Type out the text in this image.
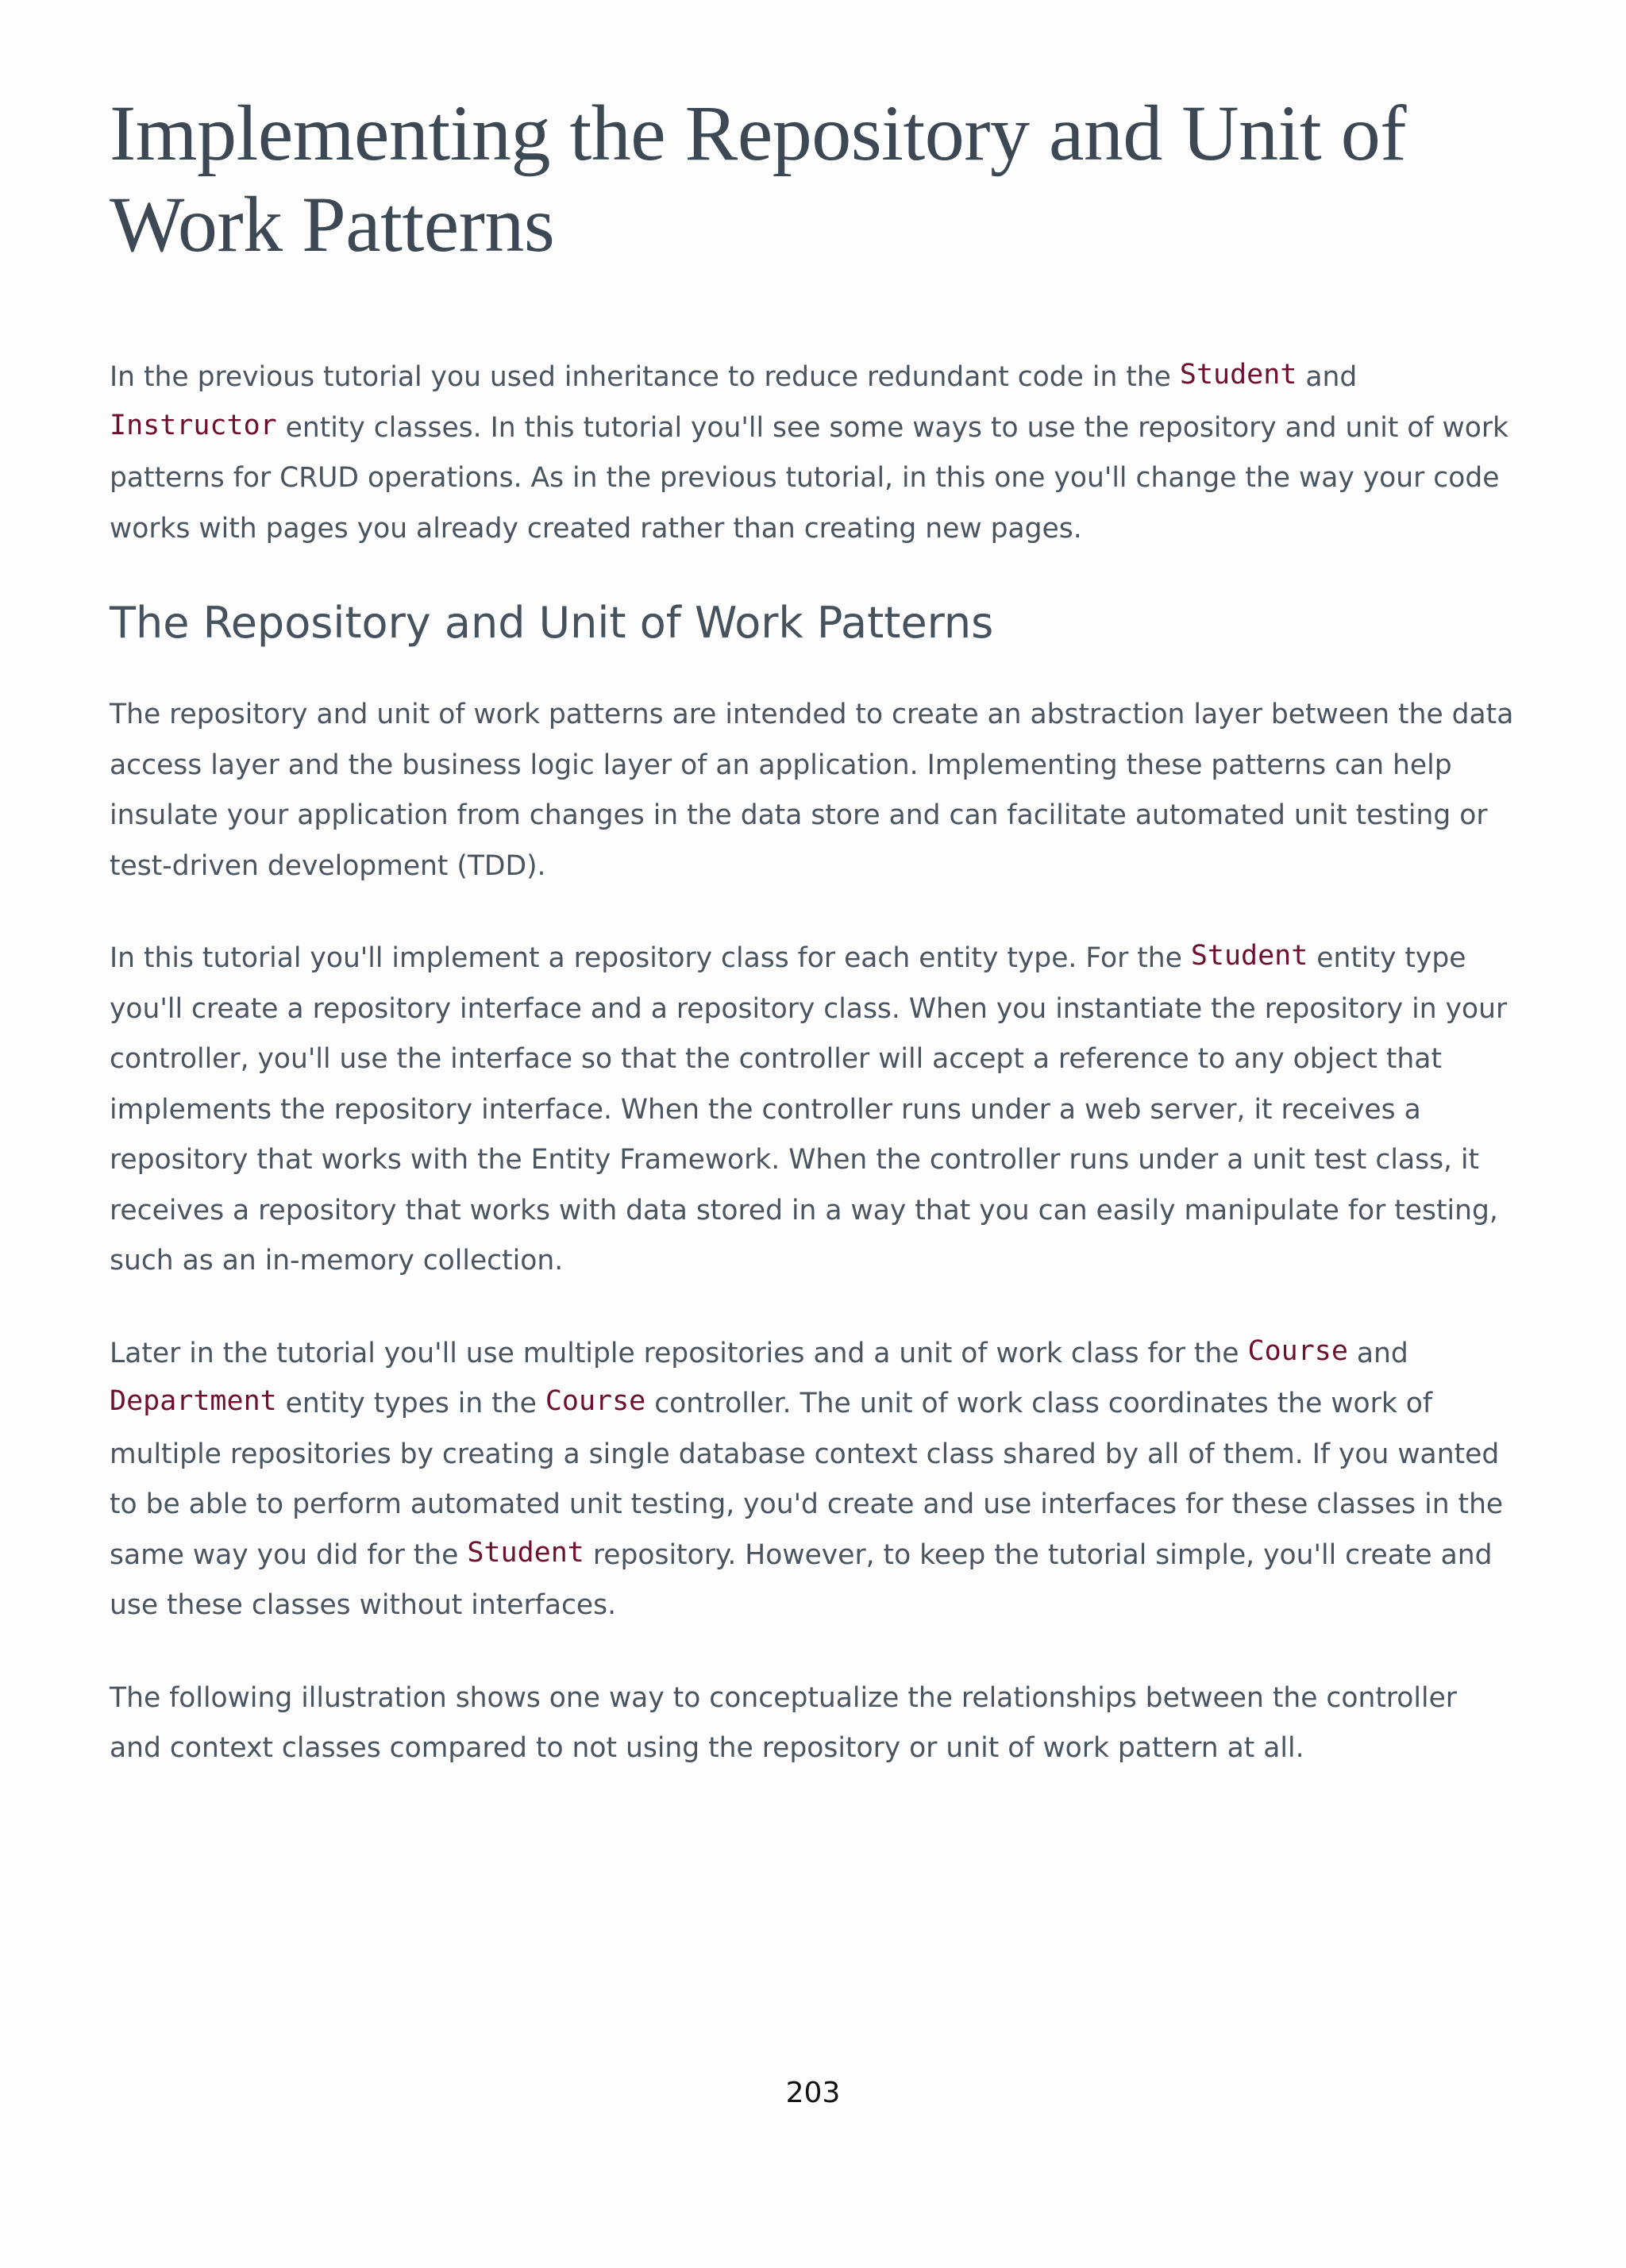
Implementing the Repository and Unit of Work Patterns

In the previous tutorial you used inheritance to reduce redundant code in the Student and Instructor entity classes. In this tutorial you'll see some ways to use the repository and unit of work patterns for CRUD operations. As in the previous tutorial, in this one you'll change the way your code works with pages you already created rather than creating new pages.

The Repository and Unit of Work Patterns

The repository and unit of work patterns are intended to create an abstraction layer between the data access layer and the business logic layer of an application. Implementing these patterns can help insulate your application from changes in the data store and can facilitate automated unit testing or test-driven development (TDD).

In this tutorial you'll implement a repository class for each entity type. For the Student entity type you'll create a repository interface and a repository class. When you instantiate the repository in your controller, you'll use the interface so that the controller will accept a reference to any object that implements the repository interface. When the controller runs under a web server, it receives a repository that works with the Entity Framework. When the controller runs under a unit test class, it receives a repository that works with data stored in a way that you can easily manipulate for testing, such as an in-memory collection.

Later in the tutorial you'll use multiple repositories and a unit of work class for the Course and Department entity types in the Course controller. The unit of work class coordinates the work of multiple repositories by creating a single database context class shared by all of them. If you wanted to be able to perform automated unit testing, you'd create and use interfaces for these classes in the same way you did for the Student repository. However, to keep the tutorial simple, you'll create and use these classes without interfaces.

The following illustration shows one way to conceptualize the relationships between the controller and context classes compared to not using the repository or unit of work pattern at all.

203
